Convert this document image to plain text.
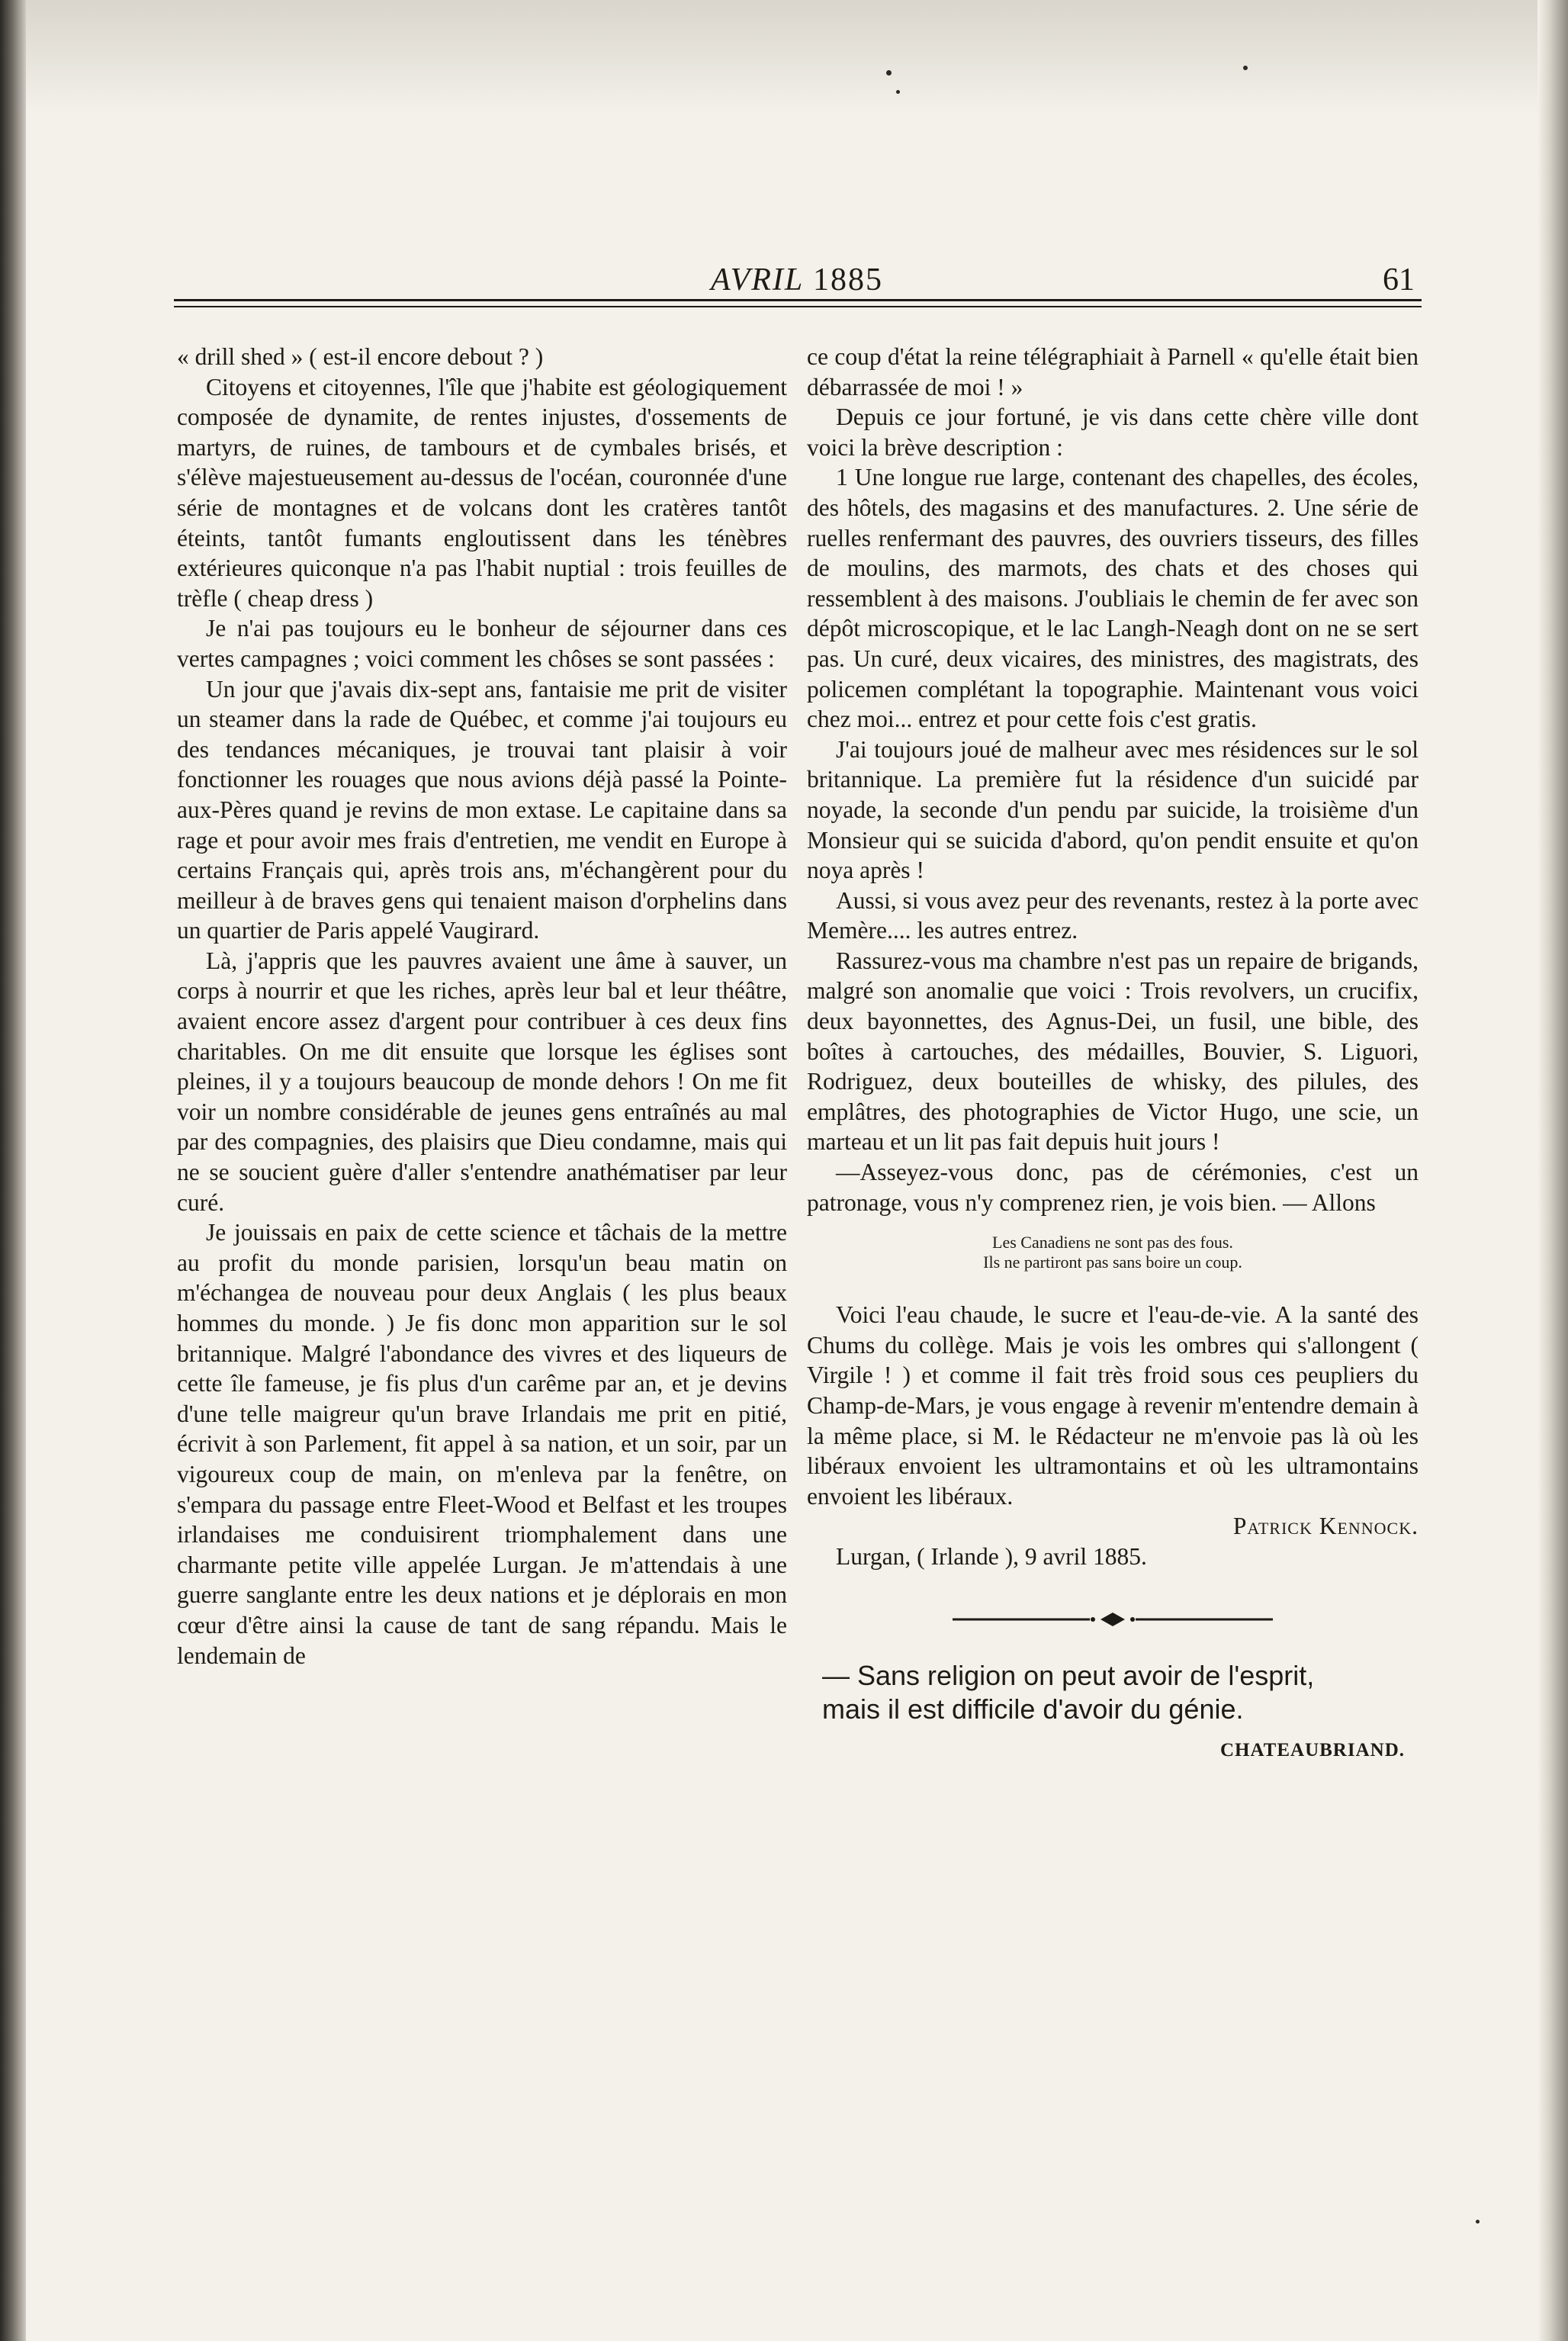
AVRIL 1885	61

« drill shed » ( est-il encore debout ? )

Citoyens et citoyennes, l'île que j'habite est géologiquement composée de dynamite, de rentes injustes, d'ossements de martyrs, de ruines, de tambours et de cymbales brisés, et s'élève majestueusement au-dessus de l'océan, couronnée d'une série de montagnes et de volcans dont les cratères tantôt éteints, tantôt fumants engloutissent dans les ténèbres extérieures quiconque n'a pas l'habit nuptial : trois feuilles de trèfle ( cheap dress )

Je n'ai pas toujours eu le bonheur de séjourner dans ces vertes campagnes ; voici comment les chôses se sont passées :

Un jour que j'avais dix-sept ans, fantaisie me prit de visiter un steamer dans la rade de Québec, et comme j'ai toujours eu des tendances mécaniques, je trouvai tant plaisir à voir fonctionner les rouages que nous avions déjà passé la Pointe-aux-Pères quand je revins de mon extase. Le capitaine dans sa rage et pour avoir mes frais d'entretien, me vendit en Europe à certains Français qui, après trois ans, m'échangèrent pour du meilleur à de braves gens qui tenaient maison d'orphelins dans un quartier de Paris appelé Vaugirard.

Là, j'appris que les pauvres avaient une âme à sauver, un corps à nourrir et que les riches, après leur bal et leur théâtre, avaient encore assez d'argent pour contribuer à ces deux fins charitables. On me dit ensuite que lorsque les églises sont pleines, il y a toujours beaucoup de monde dehors ! On me fit voir un nombre considérable de jeunes gens entraînés au mal par des compagnies, des plaisirs que Dieu condamne, mais qui ne se soucient guère d'aller s'entendre anathématiser par leur curé.

Je jouissais en paix de cette science et tâchais de la mettre au profit du monde parisien, lorsqu'un beau matin on m'échangea de nouveau pour deux Anglais ( les plus beaux hommes du monde. ) Je fis donc mon apparition sur le sol britannique. Malgré l'abondance des vivres et des liqueurs de cette île fameuse, je fis plus d'un carême par an, et je devins d'une telle maigreur qu'un brave Irlandais me prit en pitié, écrivit à son Parlement, fit appel à sa nation, et un soir, par un vigoureux coup de main, on m'enleva par la fenêtre, on s'empara du passage entre Fleet-Wood et Belfast et les troupes irlandaises me conduisirent triomphalement dans une charmante petite ville appelée Lurgan. Je m'attendais à une guerre sanglante entre les deux nations et je déplorais en mon cœur d'être ainsi la cause de tant de sang répandu. Mais le lendemain de

ce coup d'état la reine télégraphiait à Parnell « qu'elle était bien débarrassée de moi ! »

Depuis ce jour fortuné, je vis dans cette chère ville dont voici la brève description :

1 Une longue rue large, contenant des chapelles, des écoles, des hôtels, des magasins et des manufactures. 2. Une série de ruelles renfermant des pauvres, des ouvriers tisseurs, des filles de moulins, des marmots, des chats et des choses qui ressemblent à des maisons. J'oubliais le chemin de fer avec son dépôt microscopique, et le lac Langh-Neagh dont on ne se sert pas. Un curé, deux vicaires, des ministres, des magistrats, des policemen complétant la topographie. Maintenant vous voici chez moi... entrez et pour cette fois c'est gratis.

J'ai toujours joué de malheur avec mes résidences sur le sol britannique. La première fut la résidence d'un suicidé par noyade, la seconde d'un pendu par suicide, la troisième d'un Monsieur qui se suicida d'abord, qu'on pendit ensuite et qu'on noya après !

Aussi, si vous avez peur des revenants, restez à la porte avec Memère.... les autres entrez.

Rassurez-vous ma chambre n'est pas un repaire de brigands, malgré son anomalie que voici : Trois revolvers, un crucifix, deux bayonnettes, des Agnus-Dei, un fusil, une bible, des boîtes à cartouches, des médailles, Bouvier, S. Liguori, Rodriguez, deux bouteilles de whisky, des pilules, des emplâtres, des photographies de Victor Hugo, une scie, un marteau et un lit pas fait depuis huit jours !

—Asseyez-vous donc, pas de cérémonies, c'est un patronage, vous n'y comprenez rien, je vois bien. — Allons

Les Canadiens ne sont pas des fous.
Ils ne partiront pas sans boire un coup.

Voici l'eau chaude, le sucre et l'eau-de-vie. A la santé des Chums du collège. Mais je vois les ombres qui s'allongent ( Virgile ! ) et comme il fait très froid sous ces peupliers du Champ-de-Mars, je vous engage à revenir m'entendre demain à la même place, si M. le Rédacteur ne m'envoie pas là où les libéraux envoient les ultramontains et où les ultramontains envoient les libéraux.

Patrick Kennock.

Lurgan, ( Irlande ), 9 avril 1885.

— Sans religion on peut avoir de l'esprit,
mais il est difficile d'avoir du génie.
CHATEAUBRIAND.
